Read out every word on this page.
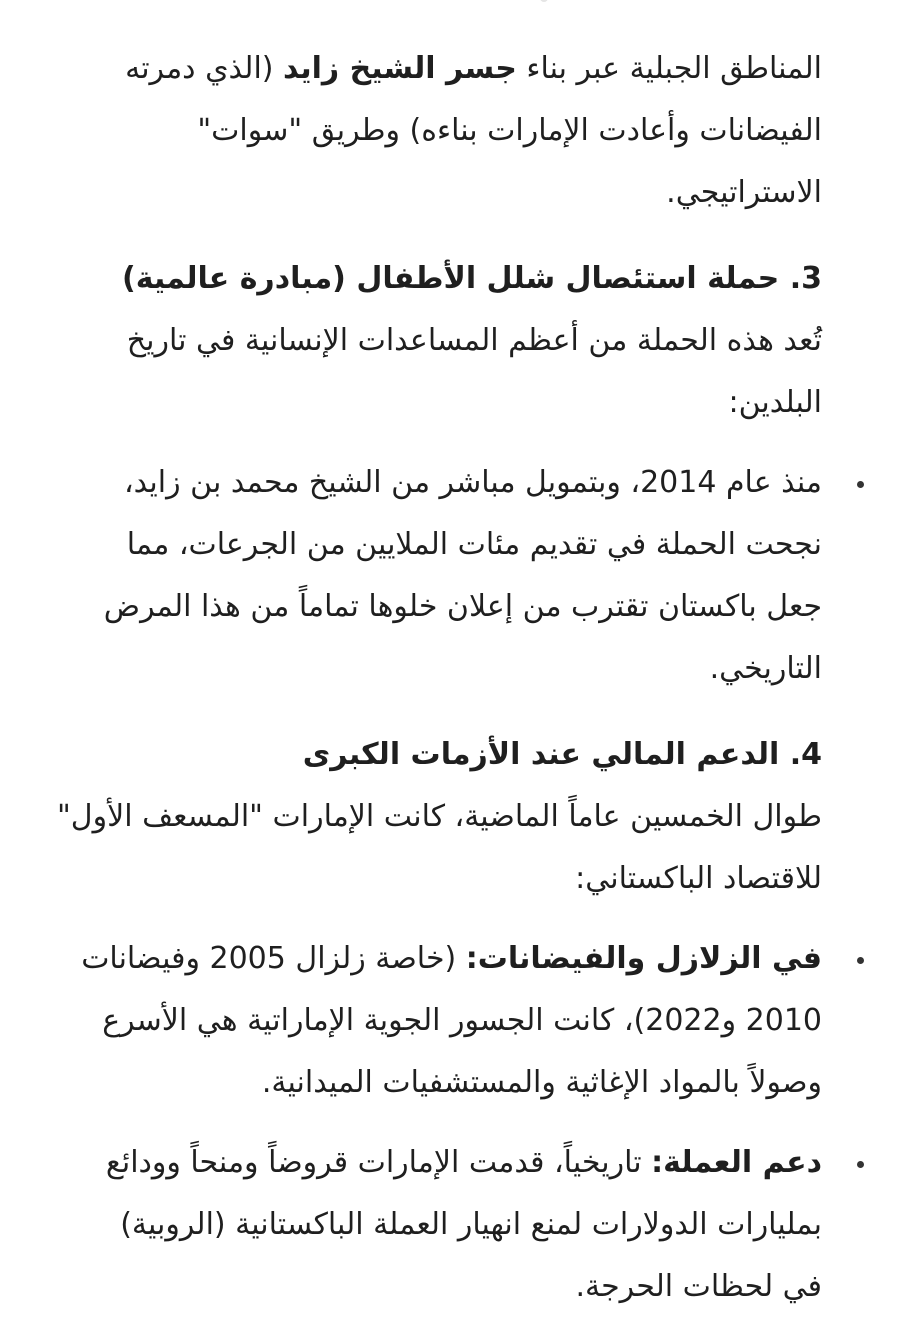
المناطق الجبلية عبر بناء جسر الشيخ زايد (الذي دمرته
الفيضانات وأعادت الإمارات بناءه) وطريق "سوات"
الاستراتيجي.

3. حملة استئصال شلل الأطفال (مبادرة عالمية)

تُعد هذه الحملة من أعظم المساعدات الإنسانية في تاريخ البلدين:

منذ عام 2014، وبتمويل مباشر من الشيخ محمد بن زايد،
نجحت الحملة في تقديم مئات الملايين من الجرعات، مما
جعل باكستان تقترب من إعلان خلوها تماماً من هذا المرض
التاريخي.
4. الدعم المالي عند الأزمات الكبرى

طوال الخمسين عاماً الماضية، كانت الإمارات "المسعف الأول"
للاقتصاد الباكستاني:

في الزلازل والفيضانات: (خاصة زلزال 2005 وفيضانات
2010 و2022)، كانت الجسور الجوية الإماراتية هي الأسرع
وصولاً بالمواد الإغاثية والمستشفيات الميدانية.
دعم العملة: تاريخياً، قدمت الإمارات قروضاً ومنحاً وودائع
بمليارات الدولارات لمنع انهيار العملة الباكستانية (الروبية)
في لحظات الحرجة.
